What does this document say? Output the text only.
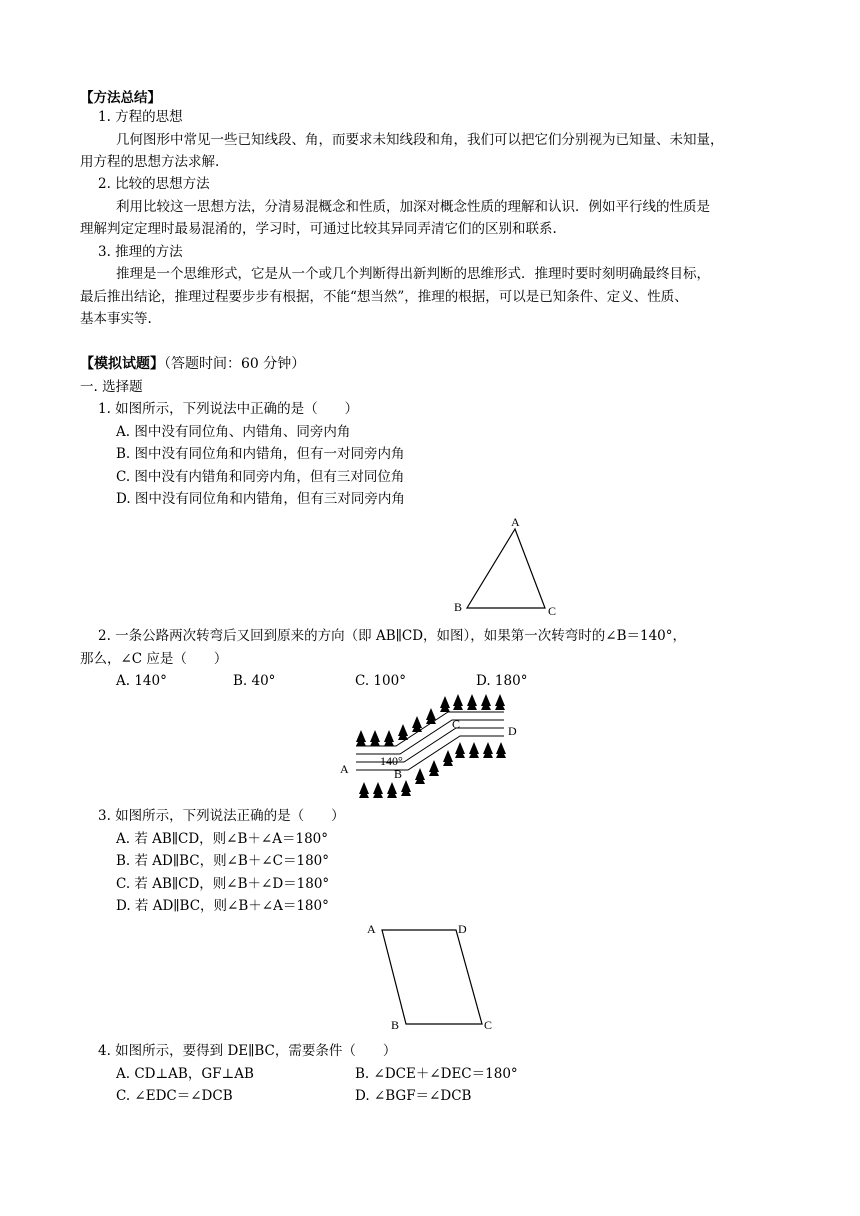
【方法总结】
1. 方程的思想
几何图形中常见一些已知线段、角，而要求未知线段和角，我们可以把它们分别视为已知量、未知量，
用方程的思想方法求解.
2. 比较的思想方法
利用比较这一思想方法，分清易混概念和性质，加深对概念性质的理解和认识．例如平行线的性质是
理解判定定理时最易混淆的，学习时，可通过比较其异同弄清它们的区别和联系.
3. 推理的方法
推理是一个思维形式，它是从一个或几个判断得出新判断的思维形式．推理时要时刻明确最终目标，
最后推出结论，推理过程要步步有根据，不能“想当然”，推理的根据，可以是已知条件、定义、性质、
基本事实等.
【模拟试题】（答题时间：60 分钟）
一. 选择题
1. 如图所示，下列说法中正确的是（　　）
A. 图中没有同位角、内错角、同旁内角
B. 图中没有同位角和内错角，但有一对同旁内角
C. 图中没有内错角和同旁内角，但有三对同位角
D. 图中没有同位角和内错角，但有三对同旁内角
A
B	C
2. 一条公路两次转弯后又回到原来的方向（即 AB∥CD，如图），如果第一次转弯时的∠B＝140°，
那么，∠C 应是（　　）
A. 140°	B. 40°	C. 100°	D. 180°
A	B
C	D
140°
3. 如图所示，下列说法正确的是（　　）
A. 若 AB∥CD，则∠B＋∠A＝180°
B. 若 AD∥BC，则∠B＋∠C＝180°
C. 若 AB∥CD，则∠B＋∠D＝180°
D. 若 AD∥BC，则∠B＋∠A＝180°
A	D
B	C
4. 如图所示，要得到 DE∥BC，需要条件（　　）
A. CD⊥AB，GF⊥AB	B. ∠DCE＋∠DEC＝180°
C. ∠EDC＝∠DCB	D. ∠BGF＝∠DCB
